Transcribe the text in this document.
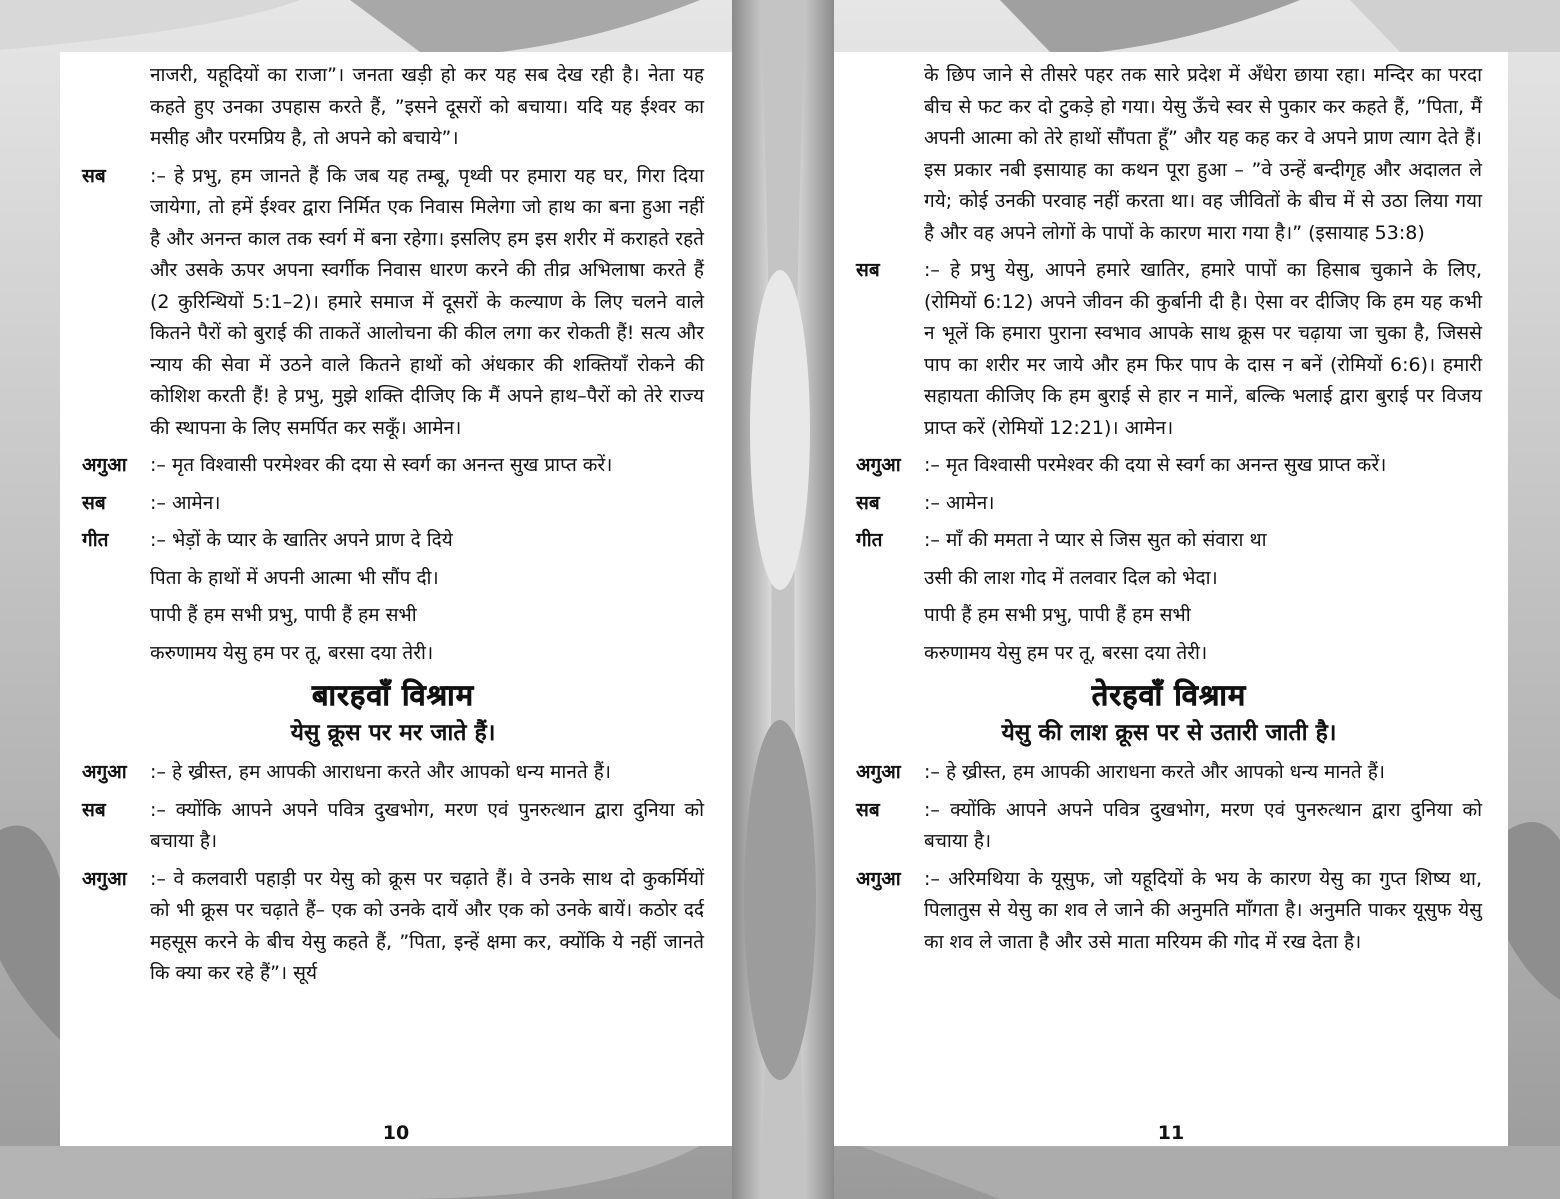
नाजरी, यहूदियों का राजा”। जनता खड़ी हो कर यह सब देख रही है। नेता यह कहते हुए उनका उपहास करते हैं, ”इसने दूसरों को बचाया। यदि यह ईश्वर का मसीह और परमप्रिय है, तो अपने को बचाये”।
सब	:– हे प्रभु, हम जानते हैं कि जब यह तम्बू, पृथ्वी पर हमारा यह घर, गिरा दिया जायेगा, तो हमें ईश्वर द्वारा निर्मित एक निवास मिलेगा जो हाथ का बना हुआ नहीं है और अनन्त काल तक स्वर्ग में बना रहेगा। इसलिए हम इस शरीर में कराहते रहते और उसके ऊपर अपना स्वर्गीक निवास धारण करने की तीव्र अभिलाषा करते हैं (2 कुरिन्थियों 5:1–2)। हमारे समाज में दूसरों के कल्याण के लिए चलने वाले कितने पैरों को बुराई की ताकतें आलोचना की कील लगा कर रोकती हैं! सत्य और न्याय की सेवा में उठने वाले कितने हाथों को अंधकार की शक्तियाँ रोकने की कोशिश करती हैं! हे प्रभु, मुझे शक्ति दीजिए कि मैं अपने हाथ–पैरों को तेरे राज्य की स्थापना के लिए समर्पित कर सकूँ। आमेन।
अगुआ	:– मृत विश्वासी परमेश्वर की दया से स्वर्ग का अनन्त सुख प्राप्त करें।
सब	:– आमेन।
गीत	:– भेड़ों के प्यार के खातिर अपने प्राण दे दिये
पिता के हाथों में अपनी आत्मा भी सौंप दी।
पापी हैं हम सभी प्रभु, पापी हैं हम सभी
करुणामय येसु हम पर तू, बरसा दया तेरी।
बारहवाँ विश्राम
येसु क्रूस पर मर जाते हैं।
अगुआ	:– हे ख्रीस्त, हम आपकी आराधना करते और आपको धन्य मानते हैं।
सब	:– क्योंकि आपने अपने पवित्र दुखभोग, मरण एवं पुनरुत्थान द्वारा दुनिया को बचाया है।
अगुआ	:– वे कलवारी पहाड़ी पर येसु को क्रूस पर चढ़ाते हैं। वे उनके साथ दो कुकर्मियों को भी क्रूस पर चढ़ाते हैं– एक को उनके दायें और एक को उनके बायें। कठोर दर्द महसूस करने के बीच येसु कहते हैं, ”पिता, इन्हें क्षमा कर, क्योंकि ये नहीं जानते कि क्या कर रहे हैं”। सूर्य
10
के छिप जाने से तीसरे पहर तक सारे प्रदेश में अँधेरा छाया रहा। मन्दिर का परदा बीच से फट कर दो टुकड़े हो गया। येसु ऊँचे स्वर से पुकार कर कहते हैं, ”पिता, मैं अपनी आत्मा को तेरे हाथों सौंपता हूँ” और यह कह कर वे अपने प्राण त्याग देते हैं। इस प्रकार नबी इसायाह का कथन पूरा हुआ – ”वे उन्हें बन्दीगृह और अदालत ले गये; कोई उनकी परवाह नहीं करता था। वह जीवितों के बीच में से उठा लिया गया है और वह अपने लोगों के पापों के कारण मारा गया है।” (इसायाह 53:8)
सब	:– हे प्रभु येसु, आपने हमारे खातिर, हमारे पापों का हिसाब चुकाने के लिए, (रोमियों 6:12) अपने जीवन की कुर्बानी दी है। ऐसा वर दीजिए कि हम यह कभी न भूलें कि हमारा पुराना स्वभाव आपके साथ क्रूस पर चढ़ाया जा चुका है, जिससे पाप का शरीर मर जाये और हम फिर पाप के दास न बनें (रोमियों 6:6)। हमारी सहायता कीजिए कि हम बुराई से हार न मानें, बल्कि भलाई द्वारा बुराई पर विजय प्राप्त करें (रोमियों 12:21)। आमेन।
अगुआ	:– मृत विश्वासी परमेश्वर की दया से स्वर्ग का अनन्त सुख प्राप्त करें।
सब	:– आमेन।
गीत	:– माँ की ममता ने प्यार से जिस सुत को संवारा था
उसी की लाश गोद में तलवार दिल को भेदा।
पापी हैं हम सभी प्रभु, पापी हैं हम सभी
करुणामय येसु हम पर तू, बरसा दया तेरी।
तेरहवाँ विश्राम
येसु की लाश क्रूस पर से उतारी जाती है।
अगुआ	:– हे ख्रीस्त, हम आपकी आराधना करते और आपको धन्य मानते हैं।
सब	:– क्योंकि आपने अपने पवित्र दुखभोग, मरण एवं पुनरुत्थान द्वारा दुनिया को बचाया है।
अगुआ	:– अरिमथिया के यूसुफ, जो यहूदियों के भय के कारण येसु का गुप्त शिष्य था, पिलातुस से येसु का शव ले जाने की अनुमति माँगता है। अनुमति पाकर यूसुफ येसु का शव ले जाता है और उसे माता मरियम की गोद में रख देता है।
11
